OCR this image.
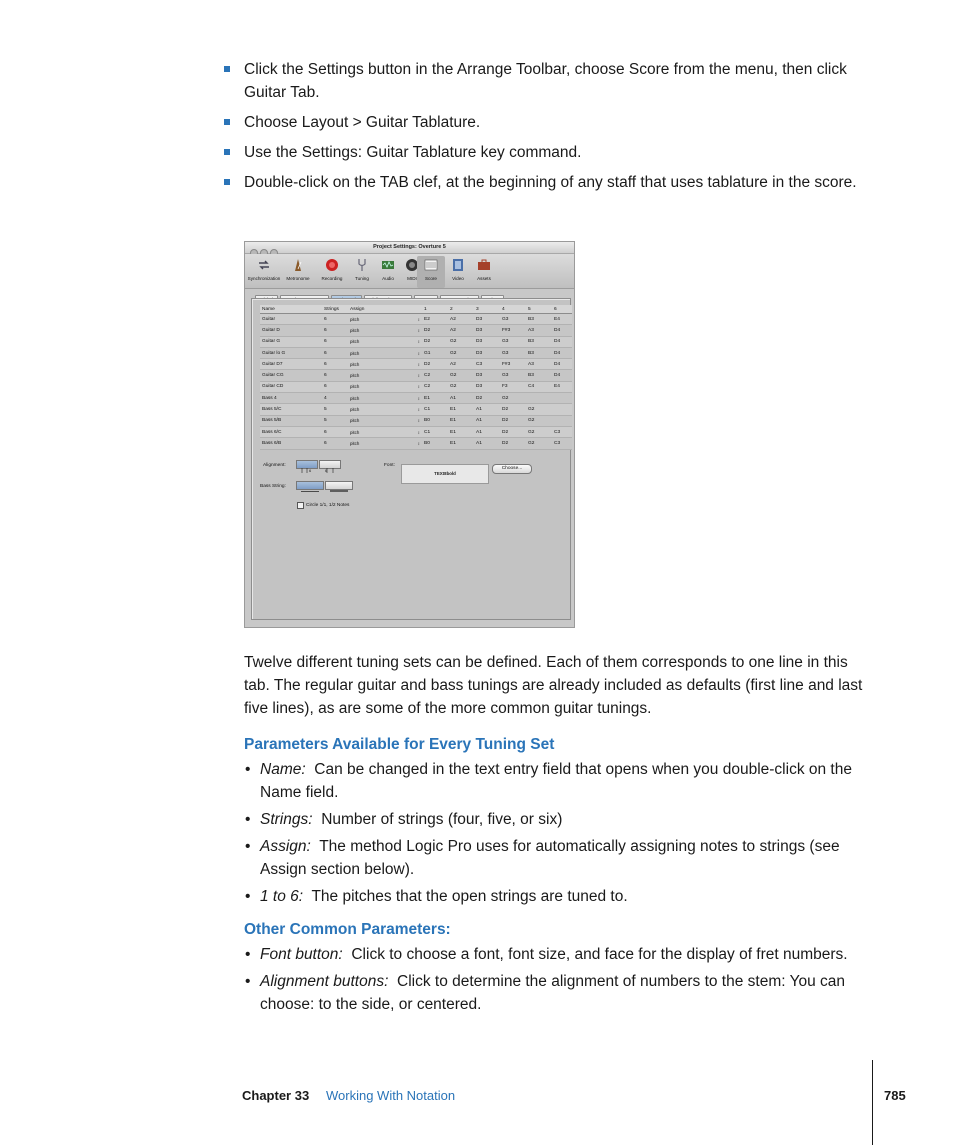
Click the Settings button in the Arrange Toolbar, choose Score from the menu, then click Guitar Tab.
Choose Layout > Guitar Tablature.
Use the Settings: Guitar Tablature key command.
Double-click on the TAB clef, at the beginning of any staff that uses tablature in the score.
Project Settings: Overture 5
Synchronization	Metronome	Recording	Tuning	Audio	MIDI	Score	Video	Assets
Name	Strings	Assign		1	2	3	4	5	6
Guitar	6	pitch	↕	E2	A2	D3	G3	B3	E4
Guitar D	6	pitch	↕	D2	A2	D3	F#3	A3	D4
Guitar G	6	pitch	↕	D2	G2	D3	G3	B3	D4
Guitar lo G	6	pitch	↕	G1	G2	D3	G3	B3	D4
Guitar D7	6	pitch	↕	D2	A2	C3	F#3	A3	D4
Guitar CG	6	pitch	↕	C2	G2	D3	G3	B3	D4
Guitar CD	6	pitch	↕	C2	G2	D3	F3	C4	E4
Bass 4	4	pitch	↕	E1	A1	D2	G2		
Bass 5/C	5	pitch	↕	C1	E1	A1	D2	G2	
Bass 5/B	5	pitch	↕	B0	E1	A1	D2	G2	
Bass 6/C	6	pitch	↕	C1	E1	A1	D2	G2	C3
Bass 6/B	6	pitch	↕	B0	E1	A1	D2	G2	C3
Alignment:
6	6
Font:
Bass String:
TEXt8bold
Choose...
Circle 1/1, 1/2 Notes

Twelve different tuning sets can be defined. Each of them corresponds to one line in this tab. The regular guitar and bass tunings are already included as defaults (first line and last five lines), as are some of the more common guitar tunings.

Parameters Available for Every Tuning Set
• Name: Can be changed in the text entry field that opens when you double-click on the Name field.
• Strings: Number of strings (four, five, or six)
• Assign: The method Logic Pro uses for automatically assigning notes to strings (see Assign section below).
• 1 to 6: The pitches that the open strings are tuned to.
Other Common Parameters:
• Font button: Click to choose a font, font size, and face for the display of fret numbers.
• Alignment buttons: Click to determine the alignment of numbers to the stem: You can choose: to the side, or centered.
Chapter 33 Working With Notation	785
